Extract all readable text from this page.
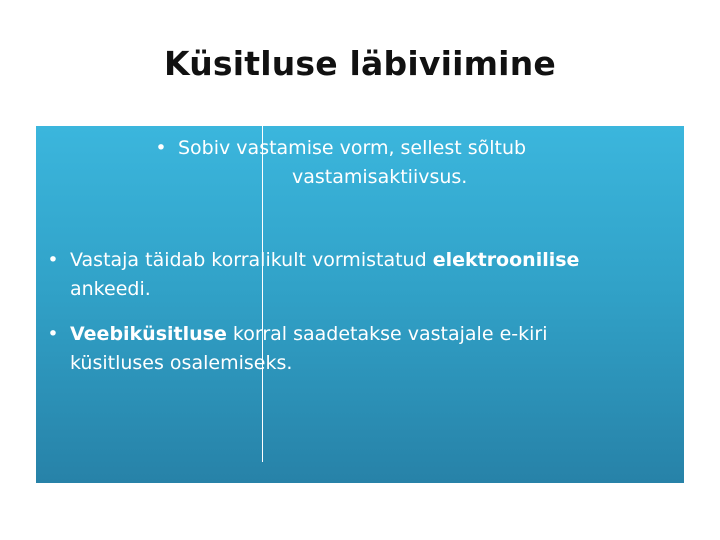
Küsitluse läbiviimine
• Sobiv vastamise vorm, sellest sõltub
vastamisaktiivsus.
• Vastaja täidab korralikult vormistatud elektroonilise
ankeedi.
• Veebiküsitluse korral saadetakse vastajale e-kiri
küsitluses osalemiseks.
